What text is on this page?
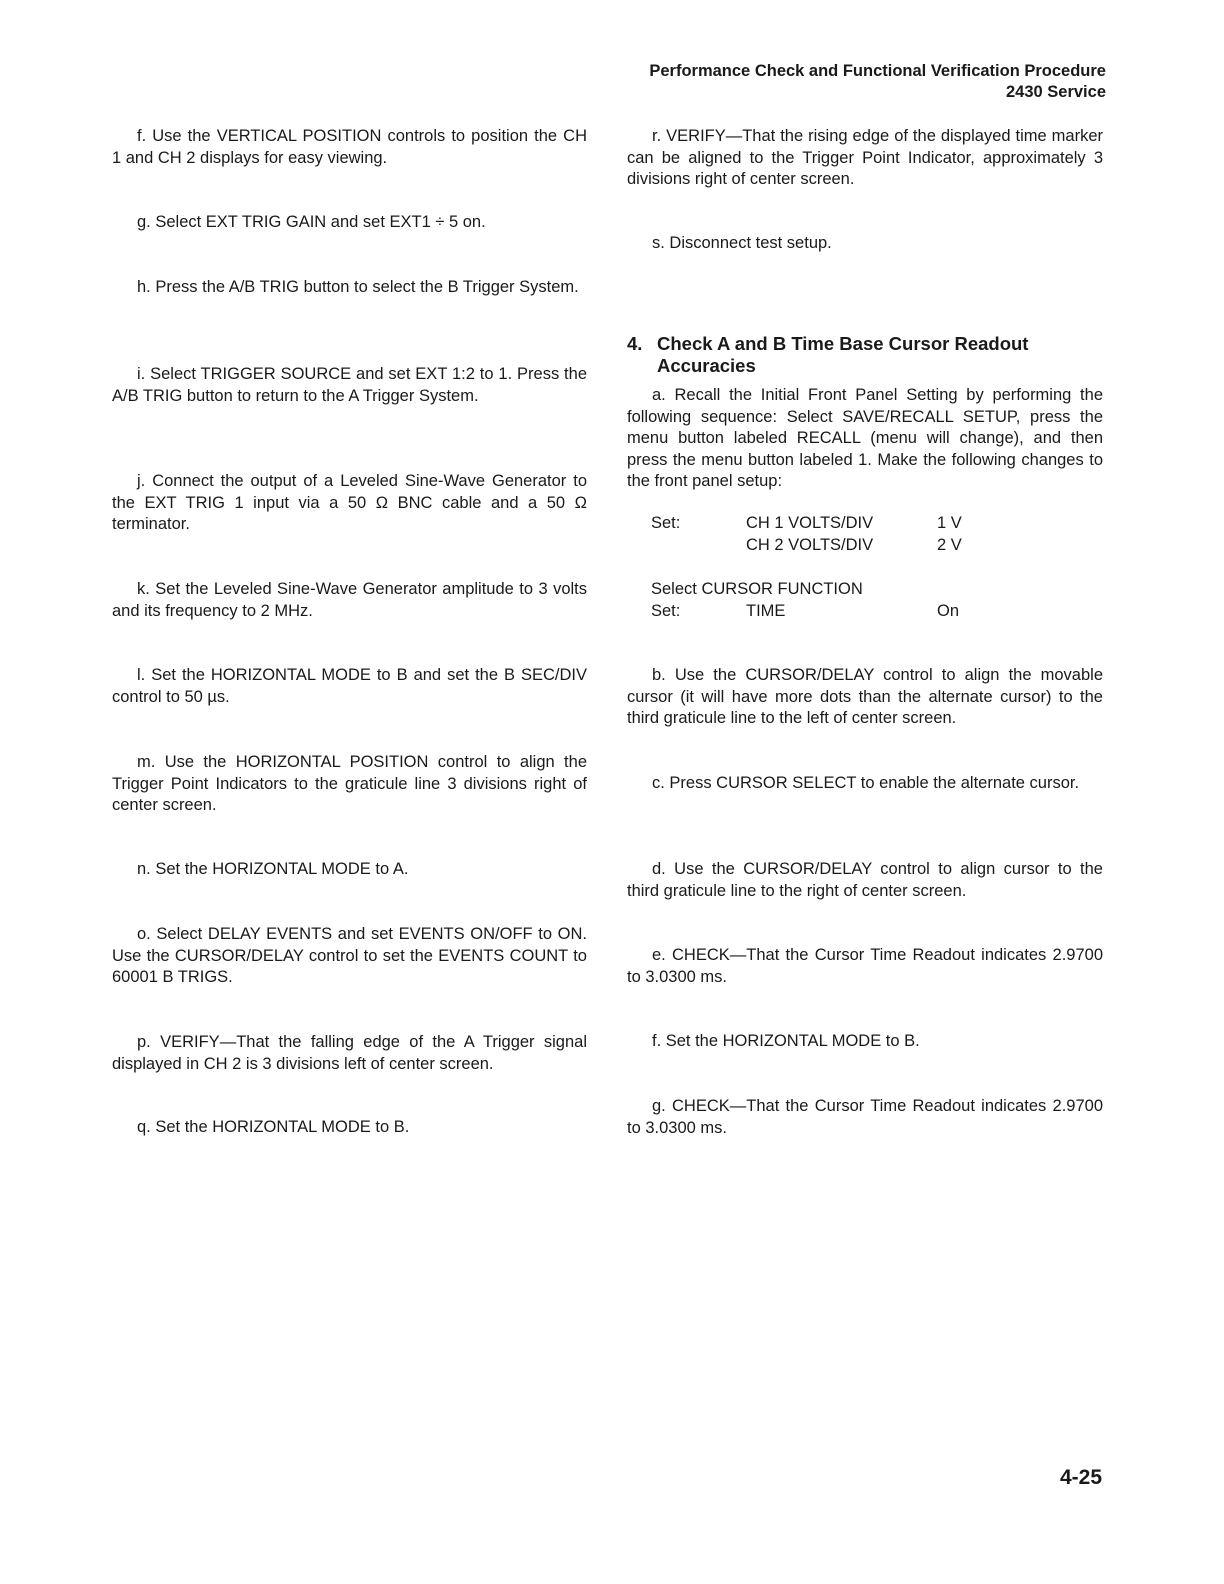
Performance Check and Functional Verification Procedure
2430 Service

f. Use the VERTICAL POSITION controls to position the CH 1 and CH 2 displays for easy viewing.

g. Select EXT TRIG GAIN and set EXT1 ÷ 5 on.

h. Press the A/B TRIG button to select the B Trigger System.

i. Select TRIGGER SOURCE and set EXT 1:2 to 1. Press the A/B TRIG button to return to the A Trigger System.

j. Connect the output of a Leveled Sine-Wave Generator to the EXT TRIG 1 input via a 50 Ω BNC cable and a 50 Ω terminator.

k. Set the Leveled Sine-Wave Generator amplitude to 3 volts and its frequency to 2 MHz.

l. Set the HORIZONTAL MODE to B and set the B SEC/DIV control to 50 µs.

m. Use the HORIZONTAL POSITION control to align the Trigger Point Indicators to the graticule line 3 divisions right of center screen.

n. Set the HORIZONTAL MODE to A.

o. Select DELAY EVENTS and set EVENTS ON/OFF to ON. Use the CURSOR/DELAY control to set the EVENTS COUNT to 60001 B TRIGS.

p. VERIFY—That the falling edge of the A Trigger signal displayed in CH 2 is 3 divisions left of center screen.

q. Set the HORIZONTAL MODE to B.

r. VERIFY—That the rising edge of the displayed time marker can be aligned to the Trigger Point Indicator, approximately 3 divisions right of center screen.

s. Disconnect test setup.

4. Check A and B Time Base Cursor Readout Accuracies

a. Recall the Initial Front Panel Setting by performing the following sequence: Select SAVE/RECALL SETUP, press the menu button labeled RECALL (menu will change), and then press the menu button labeled 1. Make the following changes to the front panel setup:

Set:	CH 1 VOLTS/DIV	1 V
CH 2 VOLTS/DIV	2 V
Select CURSOR FUNCTION
Set:	TIME	On

b. Use the CURSOR/DELAY control to align the movable cursor (it will have more dots than the alternate cursor) to the third graticule line to the left of center screen.

c. Press CURSOR SELECT to enable the alternate cursor.

d. Use the CURSOR/DELAY control to align cursor to the third graticule line to the right of center screen.

e. CHECK—That the Cursor Time Readout indicates 2.9700 to 3.0300 ms.

f. Set the HORIZONTAL MODE to B.

g. CHECK—That the Cursor Time Readout indicates 2.9700 to 3.0300 ms.

4-25
